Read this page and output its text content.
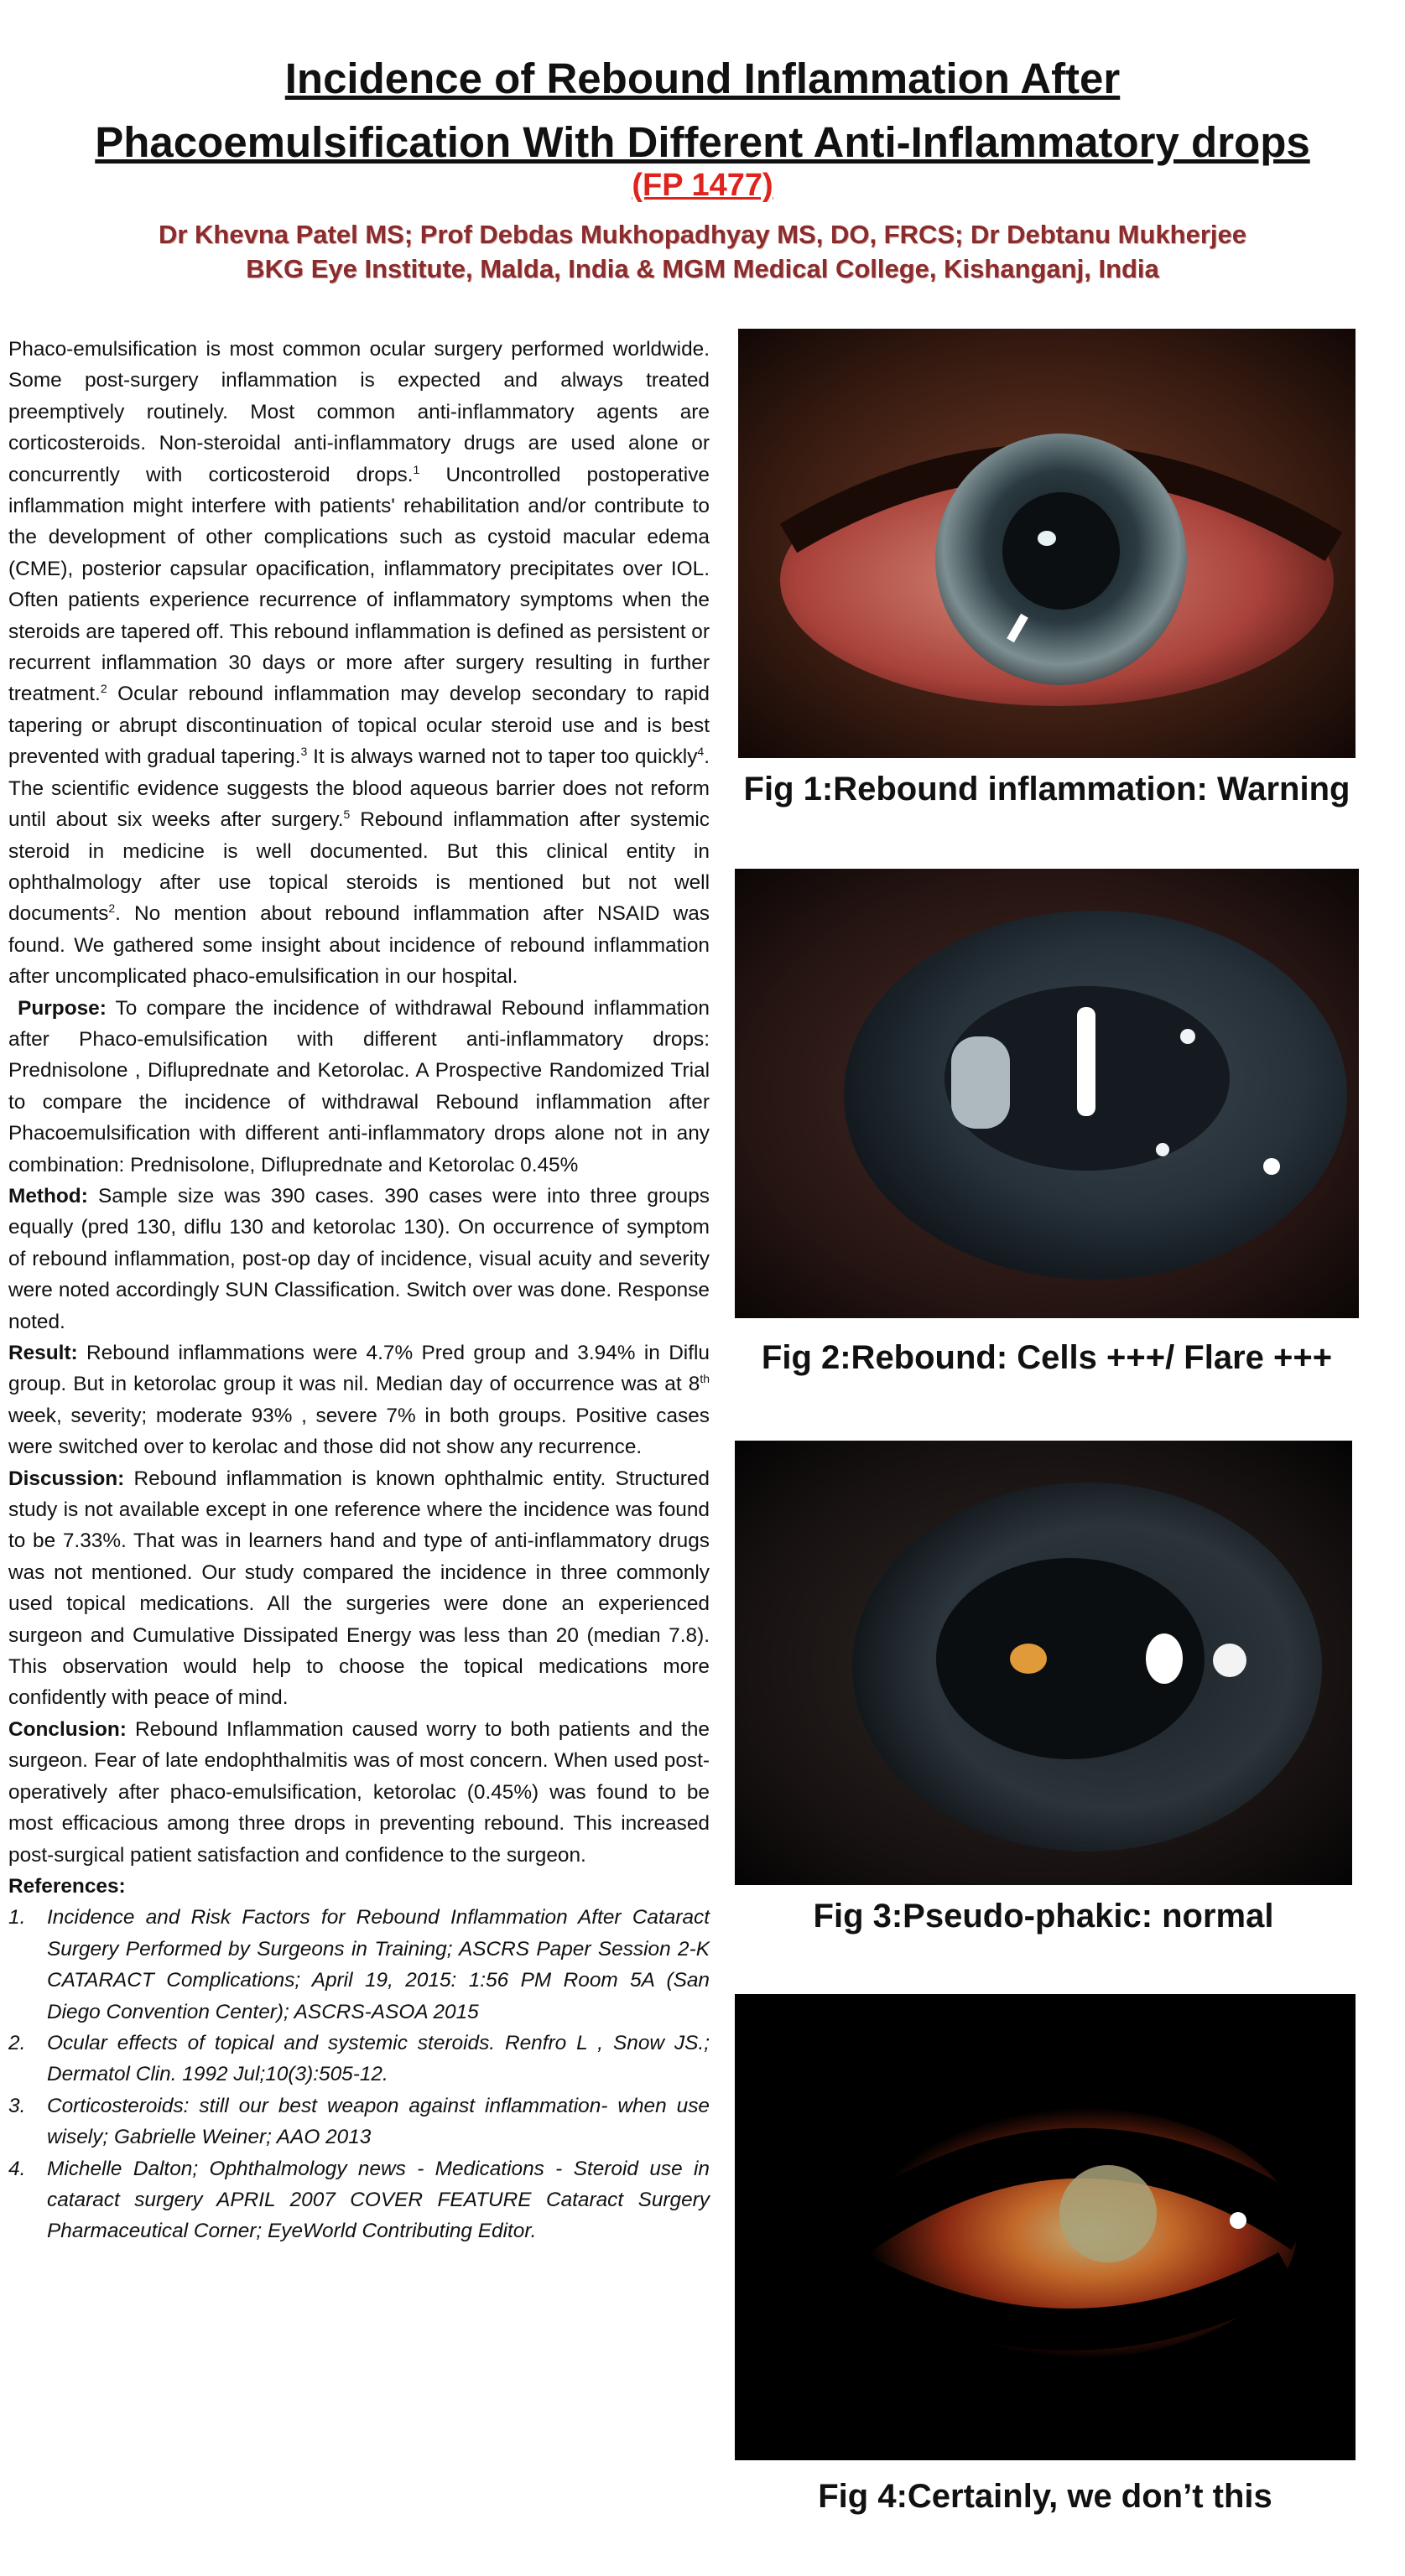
Incidence of Rebound Inflammation After
Phacoemulsification With Different Anti-Inflammatory drops
(FP 1477)
Dr Khevna Patel MS; Prof Debdas Mukhopadhyay MS, DO, FRCS; Dr Debtanu Mukherjee
BKG Eye Institute, Malda, India & MGM Medical College, Kishanganj, India

Phaco-emulsification is most common ocular surgery performed worldwide. Some post-surgery inflammation is expected and always treated preemptively routinely. Most common anti-inflammatory agents are corticosteroids. Non-steroidal anti-inflammatory drugs are used alone or concurrently with corticosteroid drops.$^1$ Uncontrolled postoperative inflammation might interfere with patients' rehabilitation and/or contribute to the development of other complications such as cystoid macular edema (CME), posterior capsular opacification, inflammatory precipitates over IOL. Often patients experience recurrence of inflammatory symptoms when the steroids are tapered off. This rebound inflammation is defined as persistent or recurrent inflammation 30 days or more after surgery resulting in further treatment.$^2$ Ocular rebound inflammation may develop secondary to rapid tapering or abrupt discontinuation of topical ocular steroid use and is best prevented with gradual tapering.$^3$ It is always warned not to taper too quickly$^4$. The scientific evidence suggests the blood aqueous barrier does not reform until about six weeks after surgery.$^5$ Rebound inflammation after systemic steroid in medicine is well documented. But this clinical entity in ophthalmology after use topical steroids is mentioned but not well documents$^2$. No mention about rebound inflammation after NSAID was found. We gathered some insight about incidence of rebound inflammation after uncomplicated phaco-emulsification in our hospital.

Purpose: To compare the incidence of withdrawal Rebound inflammation after Phaco-emulsification with different anti-inflammatory drops: Prednisolone , Difluprednate and Ketorolac. A Prospective Randomized Trial to compare the incidence of withdrawal Rebound inflammation after Phacoemulsification with different anti-inflammatory drops alone not in any combination: Prednisolone, Difluprednate and Ketorolac 0.45%

Method: Sample size was 390 cases. 390 cases were into three groups equally (pred 130, diflu 130 and ketorolac 130). On occurrence of symptom of rebound inflammation, post-op day of incidence, visual acuity and severity were noted accordingly SUN Classification. Switch over was done. Response noted.

Result: Rebound inflammations were 4.7% Pred group and 3.94% in Diflu group. But in ketorolac group it was nil. Median day of occurrence was at 8th week, severity; moderate 93% , severe 7% in both groups. Positive cases were switched over to kerolac and those did not show any recurrence.

Discussion: Rebound inflammation is known ophthalmic entity. Structured study is not available except in one reference where the incidence was found to be 7.33%. That was in learners hand and type of anti-inflammatory drugs was not mentioned. Our study compared the incidence in three commonly used topical medications. All the surgeries were done an experienced surgeon and Cumulative Dissipated Energy was less than 20 (median 7.8). This observation would help to choose the topical medications more confidently with peace of mind.

Conclusion: Rebound Inflammation caused worry to both patients and the surgeon. Fear of late endophthalmitis was of most concern. When used post-operatively after phaco-emulsification, ketorolac (0.45%) was found to be most efficacious among three drops in preventing rebound. This increased post-surgical patient satisfaction and confidence to the surgeon.

References:

1. Incidence and Risk Factors for Rebound Inflammation After Cataract Surgery Performed by Surgeons in Training; ASCRS Paper Session 2-K CATARACT Complications; April 19, 2015: 1:56 PM Room 5A (San Diego Convention Center); ASCRS-ASOA 2015
2. Ocular effects of topical and systemic steroids. Renfro L , Snow JS.; Dermatol Clin. 1992 Jul;10(3):505-12.
3. Corticosteroids: still our best weapon against inflammation- when use wisely; Gabrielle Weiner; AAO 2013
4. Michelle Dalton; Ophthalmology news - Medications - Steroid use in cataract surgery APRIL 2007 COVER FEATURE Cataract Surgery Pharmaceutical Corner; EyeWorld Contributing Editor.
Fig 1:Rebound inflammation: Warning
Fig 2:Rebound: Cells +++/ Flare +++
Fig 3:Pseudo-phakic: normal
Fig 4:Certainly, we don’t this
